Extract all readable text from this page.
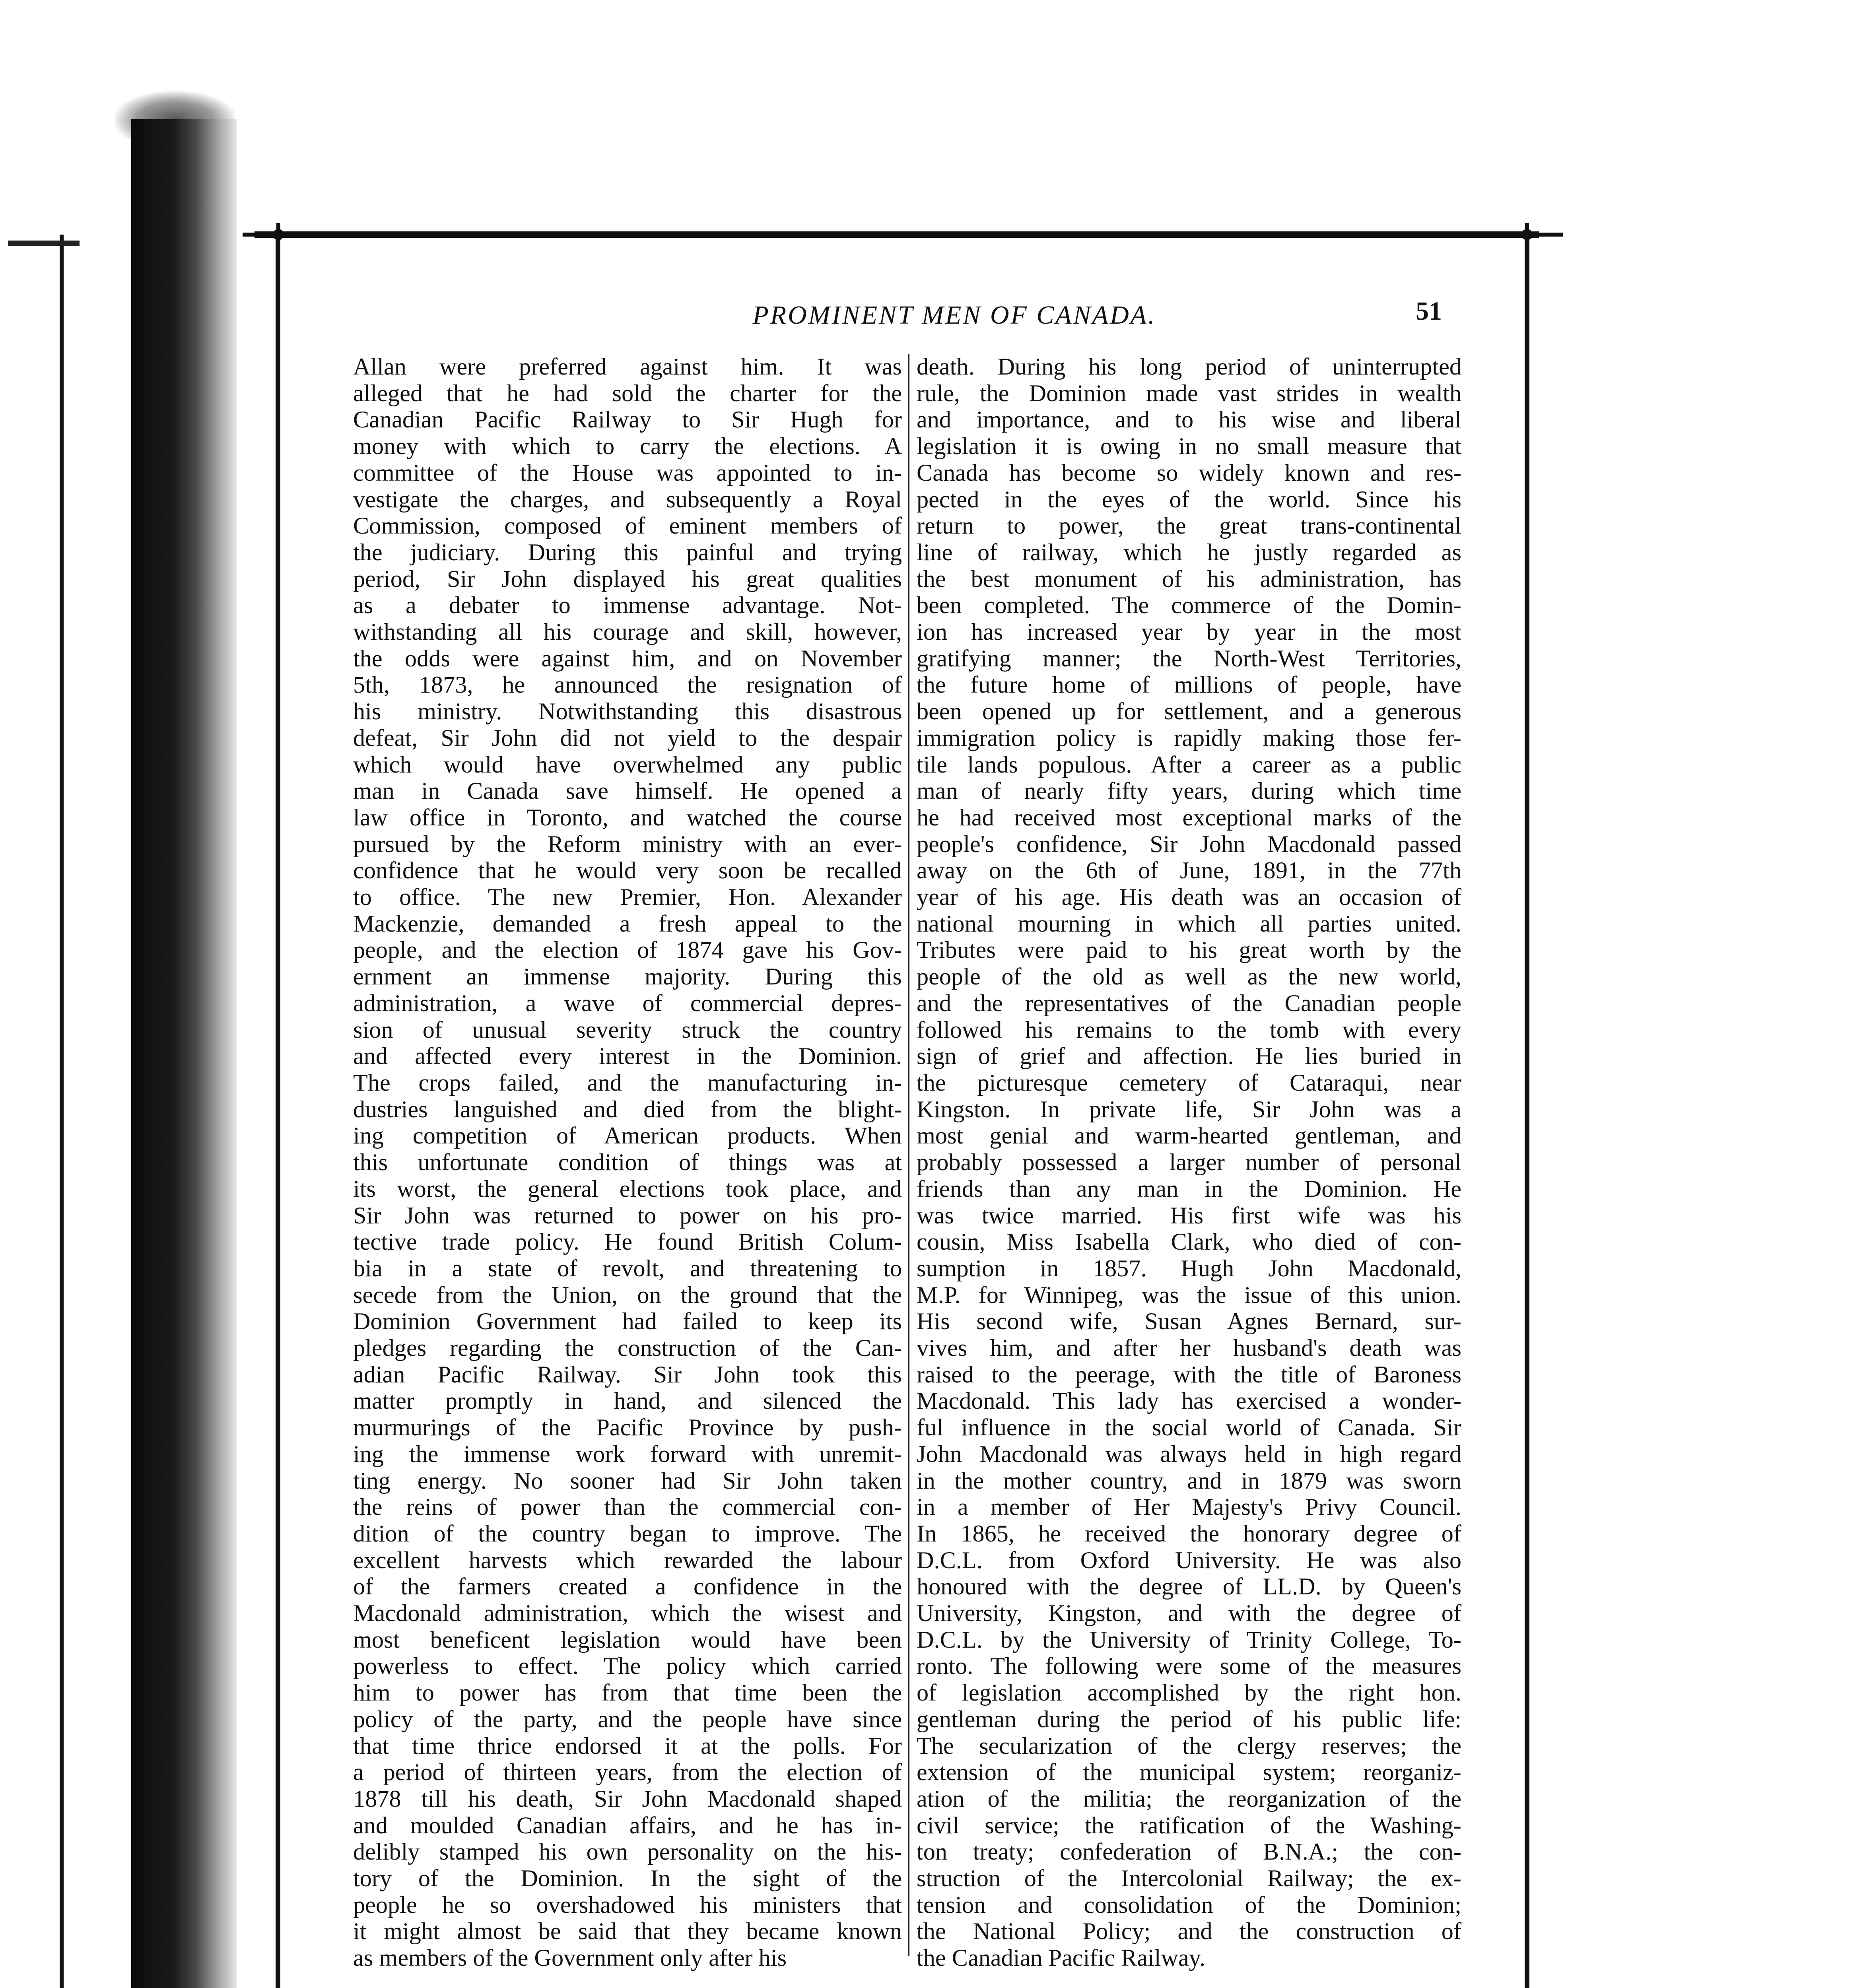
PROMINENT MEN OF CANADA.	51
Allan were preferred against him. It was
alleged that he had sold the charter for the
Canadian Pacific Railway to Sir Hugh for
money with which to carry the elections. A
committee of the House was appointed to in-
vestigate the charges, and subsequently a Royal
Commission, composed of eminent members of
the judiciary. During this painful and trying
period, Sir John displayed his great qualities
as a debater to immense advantage. Not-
withstanding all his courage and skill, however,
the odds were against him, and on November
5th, 1873, he announced the resignation of
his ministry. Notwithstanding this disastrous
defeat, Sir John did not yield to the despair
which would have overwhelmed any public
man in Canada save himself. He opened a
law office in Toronto, and watched the course
pursued by the Reform ministry with an ever-
confidence that he would very soon be recalled
to office. The new Premier, Hon. Alexander
Mackenzie, demanded a fresh appeal to the
people, and the election of 1874 gave his Gov-
ernment an immense majority. During this
administration, a wave of commercial depres-
sion of unusual severity struck the country
and affected every interest in the Dominion.
The crops failed, and the manufacturing in-
dustries languished and died from the blight-
ing competition of American products. When
this unfortunate condition of things was at
its worst, the general elections took place, and
Sir John was returned to power on his pro-
tective trade policy. He found British Colum-
bia in a state of revolt, and threatening to
secede from the Union, on the ground that the
Dominion Government had failed to keep its
pledges regarding the construction of the Can-
adian Pacific Railway. Sir John took this
matter promptly in hand, and silenced the
murmurings of the Pacific Province by push-
ing the immense work forward with unremit-
ting energy. No sooner had Sir John taken
the reins of power than the commercial con-
dition of the country began to improve. The
excellent harvests which rewarded the labour
of the farmers created a confidence in the
Macdonald administration, which the wisest and
most beneficent legislation would have been
powerless to effect. The policy which carried
him to power has from that time been the
policy of the party, and the people have since
that time thrice endorsed it at the polls. For
a period of thirteen years, from the election of
1878 till his death, Sir John Macdonald shaped
and moulded Canadian affairs, and he has in-
delibly stamped his own personality on the his-
tory of the Dominion. In the sight of the
people he so overshadowed his ministers that
it might almost be said that they became known
as members of the Government only after his
death. During his long period of uninterrupted
rule, the Dominion made vast strides in wealth
and importance, and to his wise and liberal
legislation it is owing in no small measure that
Canada has become so widely known and res-
pected in the eyes of the world. Since his
return to power, the great trans-continental
line of railway, which he justly regarded as
the best monument of his administration, has
been completed. The commerce of the Domin-
ion has increased year by year in the most
gratifying manner; the North-West Territories,
the future home of millions of people, have
been opened up for settlement, and a generous
immigration policy is rapidly making those fer-
tile lands populous. After a career as a public
man of nearly fifty years, during which time
he had received most exceptional marks of the
people's confidence, Sir John Macdonald passed
away on the 6th of June, 1891, in the 77th
year of his age. His death was an occasion of
national mourning in which all parties united.
Tributes were paid to his great worth by the
people of the old as well as the new world,
and the representatives of the Canadian people
followed his remains to the tomb with every
sign of grief and affection. He lies buried in
the picturesque cemetery of Cataraqui, near
Kingston. In private life, Sir John was a
most genial and warm-hearted gentleman, and
probably possessed a larger number of personal
friends than any man in the Dominion. He
was twice married. His first wife was his
cousin, Miss Isabella Clark, who died of con-
sumption in 1857. Hugh John Macdonald,
M.P. for Winnipeg, was the issue of this union.
His second wife, Susan Agnes Bernard, sur-
vives him, and after her husband's death was
raised to the peerage, with the title of Baroness
Macdonald. This lady has exercised a wonder-
ful influence in the social world of Canada. Sir
John Macdonald was always held in high regard
in the mother country, and in 1879 was sworn
in a member of Her Majesty's Privy Council.
In 1865, he received the honorary degree of
D.C.L. from Oxford University. He was also
honoured with the degree of LL.D. by Queen's
University, Kingston, and with the degree of
D.C.L. by the University of Trinity College, To-
ronto. The following were some of the measures
of legislation accomplished by the right hon.
gentleman during the period of his public life:
The secularization of the clergy reserves; the
extension of the municipal system; reorganiz-
ation of the militia; the reorganization of the
civil service; the ratification of the Washing-
ton treaty; confederation of B.N.A.; the con-
struction of the Intercolonial Railway; the ex-
tension and consolidation of the Dominion;
the National Policy; and the construction of
the Canadian Pacific Railway.
